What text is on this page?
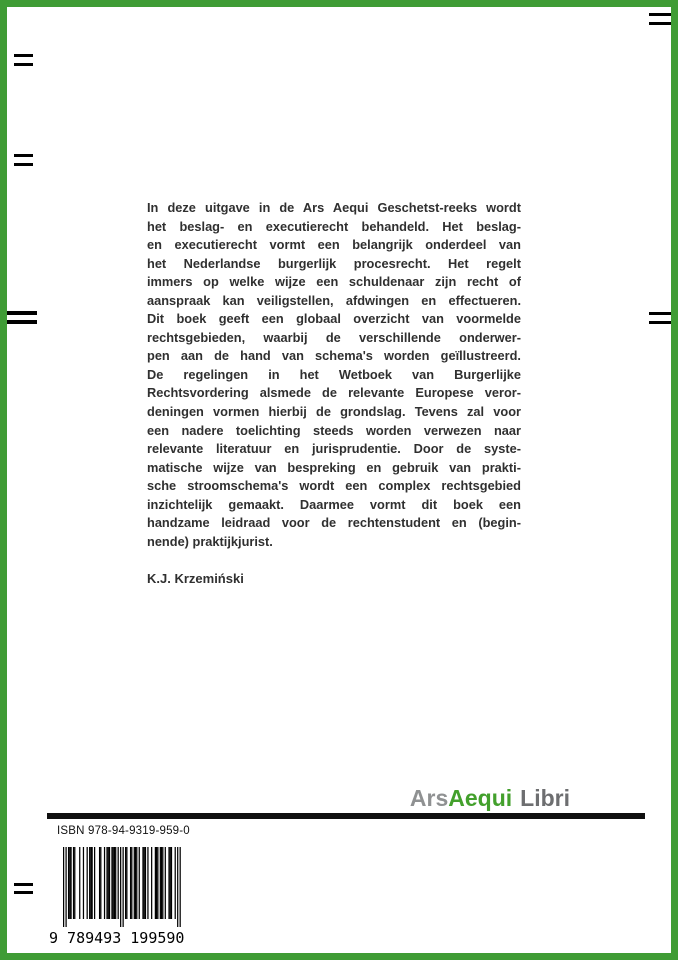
In deze uitgave in de Ars Aequi Geschetst-reeks wordt
het beslag- en executierecht behandeld. Het beslag-
en executierecht vormt een belangrijk onderdeel van
het Nederlandse burgerlijk procesrecht. Het regelt
immers op welke wijze een schuldenaar zijn recht of
aanspraak kan veiligstellen, afdwingen en effectueren.
Dit boek geeft een globaal overzicht van voormelde
rechtsgebieden, waarbij de verschillende onderwer-
pen aan de hand van schema's worden geïllustreerd.
De regelingen in het Wetboek van Burgerlijke
Rechtsvordering alsmede de relevante Europese veror-
deningen vormen hierbij de grondslag. Tevens zal voor
een nadere toelichting steeds worden verwezen naar
relevante literatuur en jurisprudentie. Door de syste-
matische wijze van bespreking en gebruik van prakti-
sche stroomschema's wordt een complex rechtsgebied
inzichtelijk gemaakt. Daarmee vormt dit boek een
handzame leidraad voor de rechtenstudent en (begin-
nende) praktijkjurist.
K.J. Krzemiński
ArsAequi Libri
ISBN 978-94-9319-959-0
9 789493 199590
